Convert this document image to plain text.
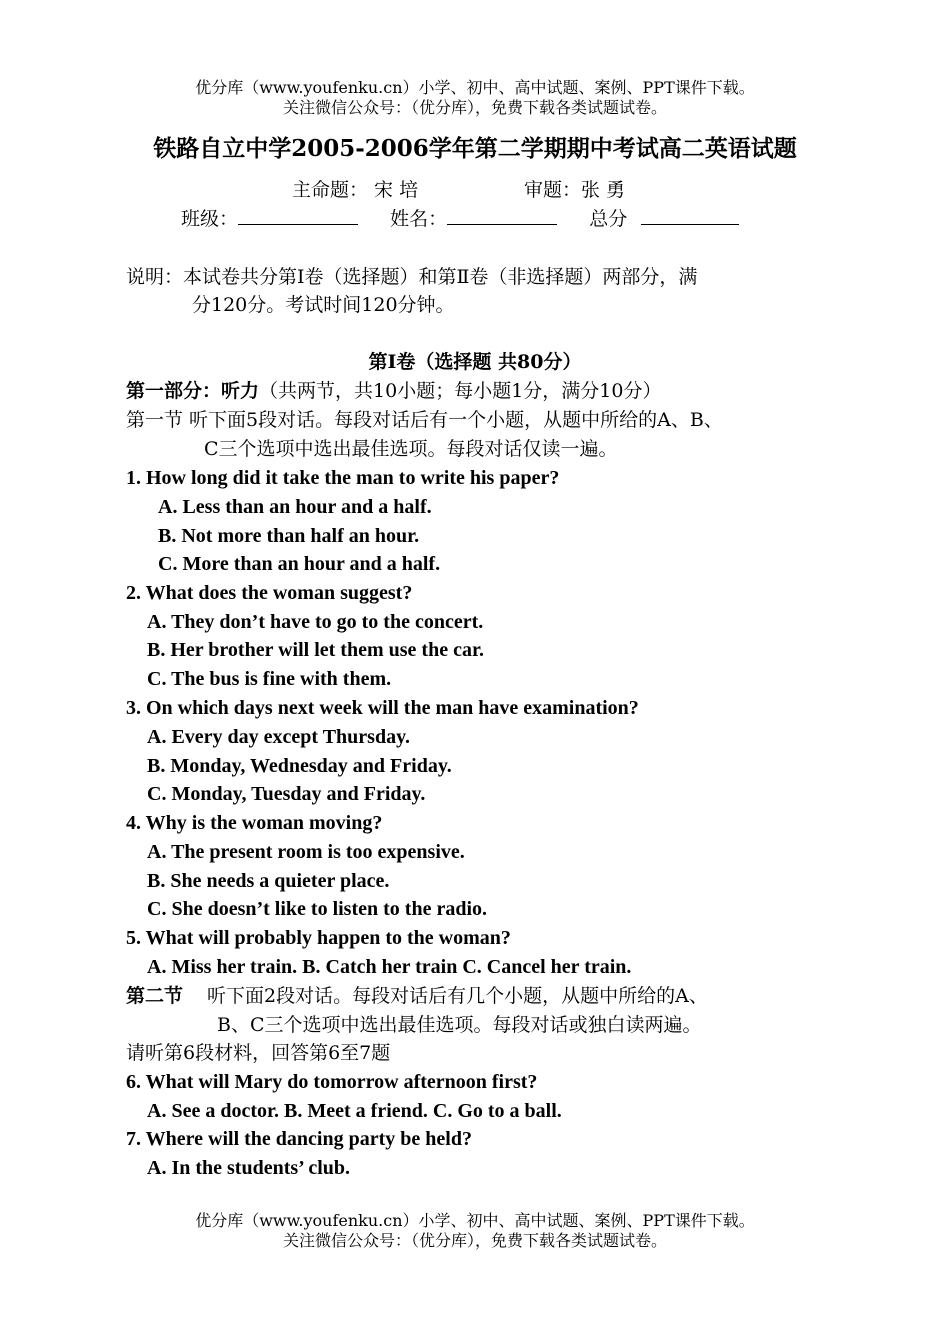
优分库（www.youfenku.cn）小学、初中、高中试题、案例、PPT课件下载。
关注微信公众号：（优分库），免费下载各类试题试卷。
铁路自立中学2005-2006学年第二学期期中考试高二英语试题
主命题： 宋 培	审题：张 勇
班级：	姓名：	总分
说明：本试卷共分第Ⅰ卷（选择题）和第Ⅱ卷（非选择题）两部分，满
分120分。考试时间120分钟。
第Ⅰ卷（选择题 共80分）
第一部分：听力（共两节，共10小题；每小题1分，满分10分）
第一节 听下面5段对话。每段对话后有一个小题，从题中所给的A、B、
C三个选项中选出最佳选项。每段对话仅读一遍。
1. How long did it take the man to write his paper?
A. Less than an hour and a half.
B. Not more than half an hour.
C. More than an hour and a half.
2. What does the woman suggest?
A. They don’t have to go to the concert.
B. Her brother will let them use the car.
C. The bus is fine with them.
3. On which days next week will the man have examination?
A. Every day except Thursday.
B. Monday, Wednesday and Friday.
C. Monday, Tuesday and Friday.
4. Why is the woman moving?
A. The present room is too expensive.
B. She needs a quieter place.
C. She doesn’t like to listen to the radio.
5. What will probably happen to the woman?
A. Miss her train. B. Catch her train C. Cancel her train.
第二节 听下面2段对话。每段对话后有几个小题，从题中所给的A、
B、C三个选项中选出最佳选项。每段对话或独白读两遍。
请听第6段材料，回答第6至7题
6. What will Mary do tomorrow afternoon first?
A. See a doctor. B. Meet a friend. C. Go to a ball.
7. Where will the dancing party be held?
A. In the students’ club.
优分库（www.youfenku.cn）小学、初中、高中试题、案例、PPT课件下载。
关注微信公众号：（优分库），免费下载各类试题试卷。
